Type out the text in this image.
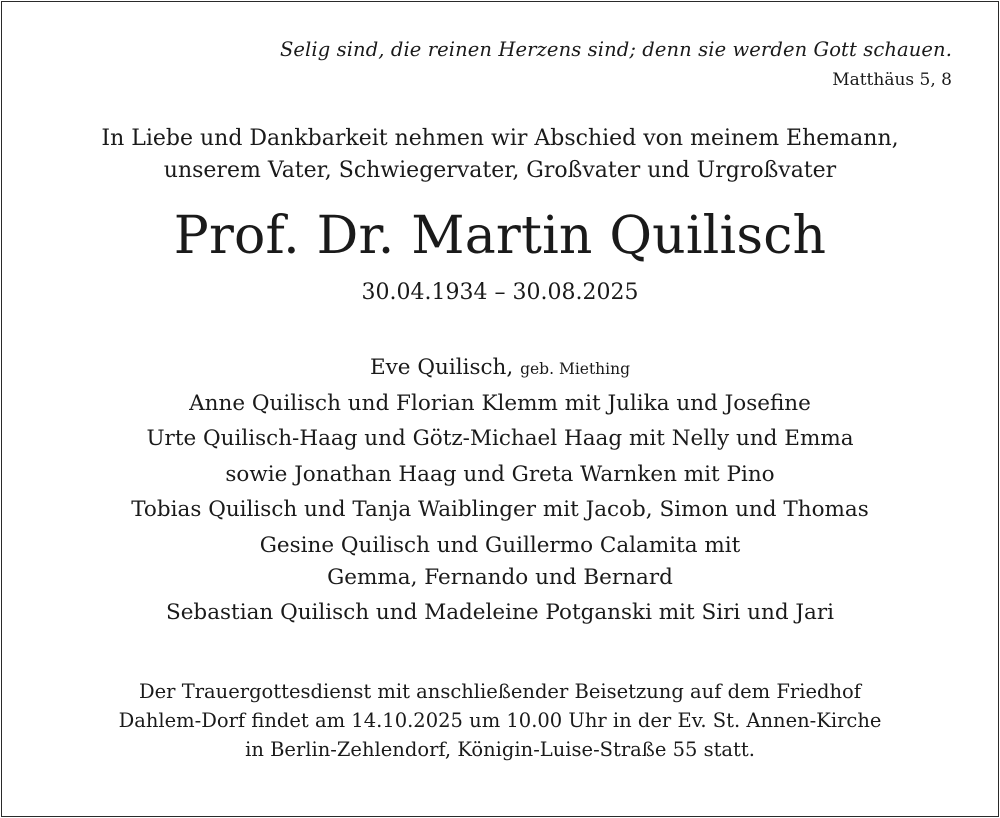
Selig sind, die reinen Herzens sind; denn sie werden Gott schauen.
Matthäus 5, 8
In Liebe und Dankbarkeit nehmen wir Abschied von meinem Ehemann,
unserem Vater, Schwiegervater, Großvater und Urgroßvater
Prof. Dr. Martin Quilisch
30.04.1934 – 30.08.2025
Eve Quilisch, geb. Miething
Anne Quilisch und Florian Klemm mit Julika und Josefine
Urte Quilisch-Haag und Götz-Michael Haag mit Nelly und Emma
sowie Jonathan Haag und Greta Warnken mit Pino
Tobias Quilisch und Tanja Waiblinger mit Jacob, Simon und Thomas
Gesine Quilisch und Guillermo Calamita mit
Gemma, Fernando und Bernard
Sebastian Quilisch und Madeleine Potganski mit Siri und Jari
Der Trauergottesdienst mit anschließender Beisetzung auf dem Friedhof
Dahlem-Dorf findet am 14.10.2025 um 10.00 Uhr in der Ev. St. Annen-Kirche
in Berlin-Zehlendorf, Königin-Luise-Straße 55 statt.
